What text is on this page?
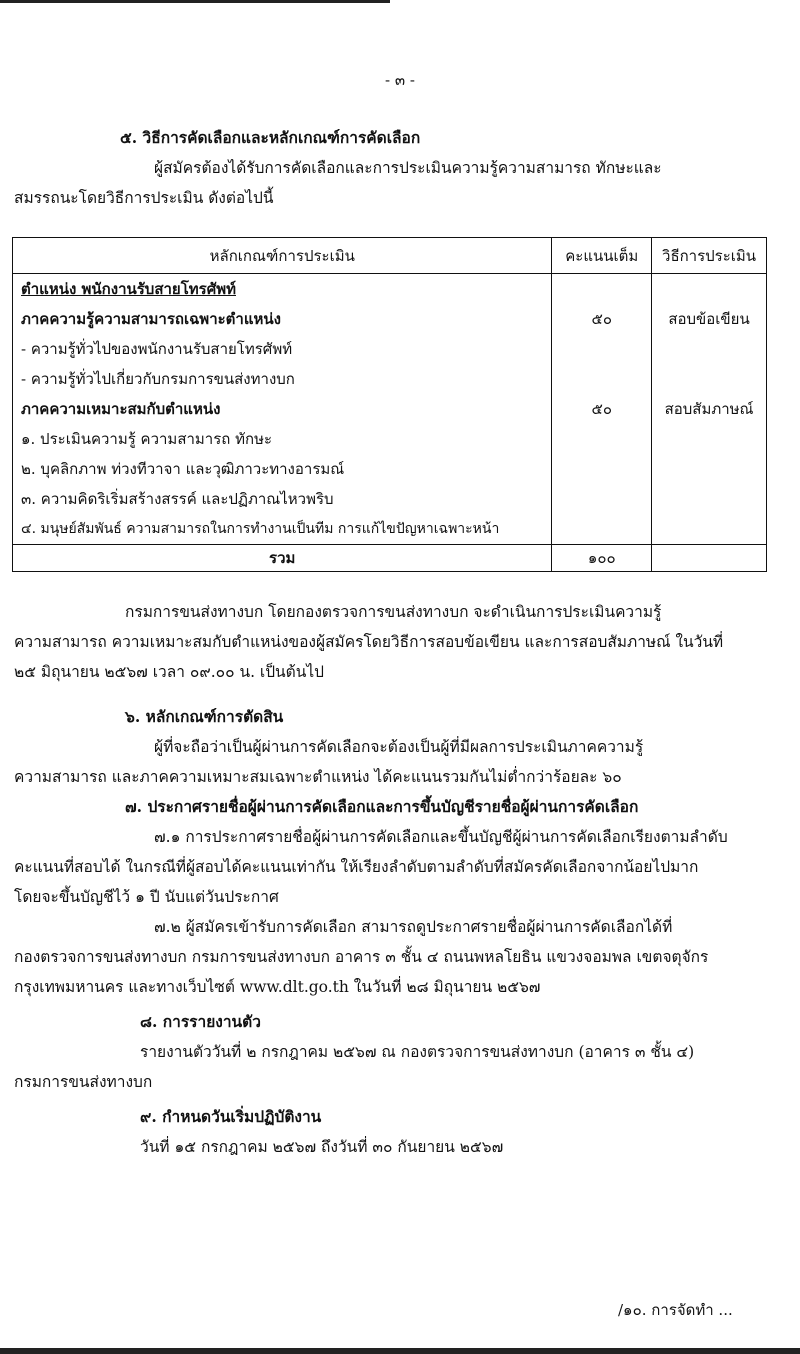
- ๓ -
๕. วิธีการคัดเลือกและหลักเกณฑ์การคัดเลือก
ผู้สมัครต้องได้รับการคัดเลือกและการประเมินความรู้ความสามารถ ทักษะและ
สมรรถนะโดยวิธีการประเมิน ดังต่อไปนี้
หลักเกณฑ์การประเมิน	คะแนนเต็ม	วิธีการประเมิน
ตำแหน่ง พนักงานรับสายโทรศัพท์		
ภาคความรู้ความสามารถเฉพาะตำแหน่ง	๕๐	สอบข้อเขียน
- ความรู้ทั่วไปของพนักงานรับสายโทรศัพท์		
- ความรู้ทั่วไปเกี่ยวกับกรมการขนส่งทางบก		
ภาคความเหมาะสมกับตำแหน่ง	๕๐	สอบสัมภาษณ์
๑. ประเมินความรู้ ความสามารถ ทักษะ		
๒. บุคลิกภาพ ท่วงทีวาจา และวุฒิภาวะทางอารมณ์		
๓. ความคิดริเริ่มสร้างสรรค์ และปฏิภาณไหวพริบ		
๔. มนุษย์สัมพันธ์ ความสามารถในการทำงานเป็นทีม การแก้ไขปัญหาเฉพาะหน้า		
รวม	๑๐๐	
กรมการขนส่งทางบก โดยกองตรวจการขนส่งทางบก จะดำเนินการประเมินความรู้
ความสามารถ ความเหมาะสมกับตำแหน่งของผู้สมัครโดยวิธีการสอบข้อเขียน และการสอบสัมภาษณ์ ในวันที่
๒๕ มิถุนายน ๒๕๖๗ เวลา ๐๙.๐๐ น. เป็นต้นไป
๖. หลักเกณฑ์การตัดสิน
ผู้ที่จะถือว่าเป็นผู้ผ่านการคัดเลือกจะต้องเป็นผู้ที่มีผลการประเมินภาคความรู้
ความสามารถ และภาคความเหมาะสมเฉพาะตำแหน่ง ได้คะแนนรวมกันไม่ต่ำกว่าร้อยละ ๖๐
๗. ประกาศรายชื่อผู้ผ่านการคัดเลือกและการขึ้นบัญชีรายชื่อผู้ผ่านการคัดเลือก
๗.๑ การประกาศรายชื่อผู้ผ่านการคัดเลือกและขึ้นบัญชีผู้ผ่านการคัดเลือกเรียงตามลำดับ
คะแนนที่สอบได้ ในกรณีที่ผู้สอบได้คะแนนเท่ากัน ให้เรียงลำดับตามลำดับที่สมัครคัดเลือกจากน้อยไปมาก
โดยจะขึ้นบัญชีไว้ ๑ ปี นับแต่วันประกาศ
๗.๒ ผู้สมัครเข้ารับการคัดเลือก สามารถดูประกาศรายชื่อผู้ผ่านการคัดเลือกได้ที่
กองตรวจการขนส่งทางบก กรมการขนส่งทางบก อาคาร ๓ ชั้น ๔ ถนนพหลโยธิน แขวงจอมพล เขตจตุจักร
กรุงเทพมหานคร และทางเว็บไซต์ www.dlt.go.th ในวันที่ ๒๘ มิถุนายน ๒๕๖๗
๘. การรายงานตัว
รายงานตัววันที่ ๒ กรกฎาคม ๒๕๖๗ ณ กองตรวจการขนส่งทางบก (อาคาร ๓ ชั้น ๔)
กรมการขนส่งทางบก
๙. กำหนดวันเริ่มปฏิบัติงาน
วันที่ ๑๕ กรกฎาคม ๒๕๖๗ ถึงวันที่ ๓๐ กันยายน ๒๕๖๗
/๑๐. การจัดทำ ...
